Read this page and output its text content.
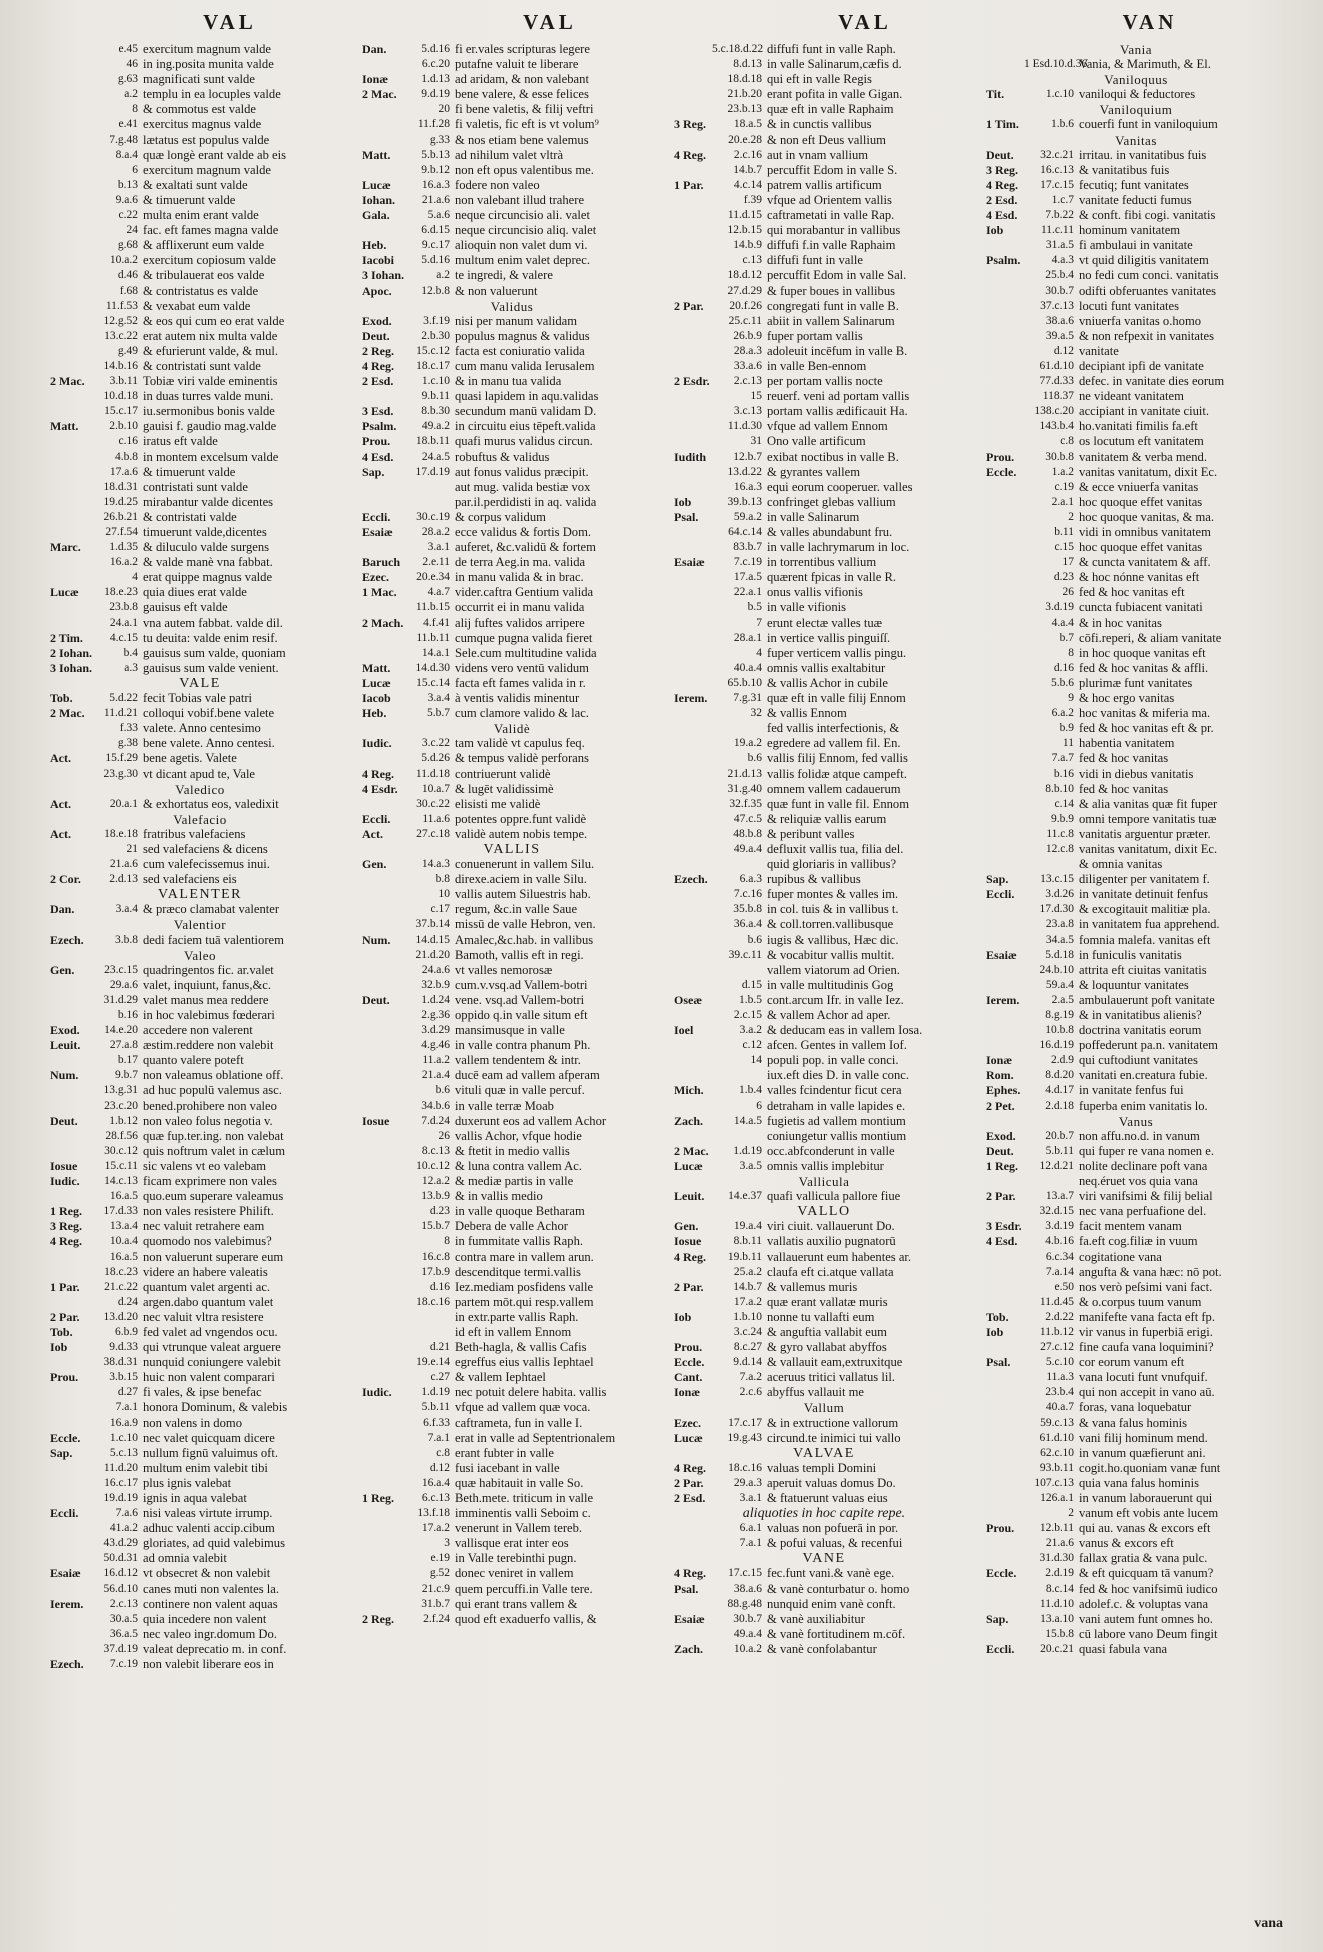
VAL	VAL	VAL	VAN
e.45 exercitum magnum valde
46 in ing.posita munita valde
g.63 magnificati sunt valde
a.2 templu in ea locuples valde
8 & commotus est valde
e.41 exercitus magnus valde
7.g.48 lætatus est populus valde
8.a.4 quæ longè erant valde ab eis
6 exercitum magnum valde
b.13 & exaltati sunt valde
9.a.6 & timuerunt valde
c.22 multa enim erant valde
24 fac. eft fames magna valde
g.68 & afflixerunt eum valde
10.a.2 exercitum copiosum valde
d.46 & tribulauerat eos valde
f.68 & contristatus es valde
11.f.53 & vexabat eum valde
12.g.52 & eos qui cum eo erat valde
13.c.22 erat autem nix multa valde
g.49 & efurierunt valde, & mul.
14.b.16 & contristati sunt valde
2 Mac.	3.b.11 Tobiæ viri valde eminentis
10.d.18 in duas turres valde muni.
15.c.17 iu.sermonibus bonis valde
Matt.	2.b.10 gauisi f. gaudio mag.valde
c.16 iratus eft valde
4.b.8 in montem excelsum valde
17.a.6 & timuerunt valde
18.d.31 contristati sunt valde
19.d.25 mirabantur valde dicentes
26.b.21 & contristati valde
27.f.54 timuerunt valde,dicentes
Marc.	1.d.35 & diluculo valde surgens
16.a.2 & valde manè vna fabbat.
4 erat quippe magnus valde
Lucæ	18.e.23 quia diues erat valde
23.b.8 gauisus eft valde
24.a.1 vna autem fabbat. valde dil.
2 Tim.	4.c.15 tu deuita: valde enim resif.
2 Iohan.	b.4 gauisus sum valde, quoniam
3 Iohan.	a.3 gauisus sum valde venient.
VALE
Tob.	5.d.22 fecit Tobias vale patri
2 Mac.	11.d.21 colloqui vobif.bene valete
f.33 valete. Anno centesimo
g.38 bene valete. Anno centesi.
Act.	15.f.29 bene agetis. Valete
23.g.30 vt dicant apud te, Vale
Valedico
Act.	20.a.1 & exhortatus eos, valedixit
Valefacio
Act.	18.e.18 fratribus valefaciens
21 sed valefaciens & dicens
21.a.6 cum valefecissemus inui.
2 Cor.	2.d.13 sed valefaciens eis
VALENTER
Dan.	3.a.4 & præco clamabat valenter
Valentior
Ezech.	3.b.8 dedi faciem tuā valentiorem
Valeo
Gen.	23.c.15 quadringentos fic. ar.valet
29.a.6 valet, inquiunt, fanus,&c.
31.d.29 valet manus mea reddere
b.16 in hoc valebimus fœderari
Exod.	14.e.20 accedere non valerent
Leuit.	27.a.8 æstim.reddere non valebit
b.17 quanto valere poteft
Num.	9.b.7 non valeamus oblatione off.
13.g.31 ad huc populū valemus asc.
23.c.20 bened.prohibere non valeo
Deut.	1.b.12 non valeo folus negotia v.
28.f.56 quæ fup.ter.ing. non valebat
30.c.12 quis noftrum valet in cælum
Iosue	15.c.11 sic valens vt eo valebam
Iudic.	14.c.13 ficam exprimere non vales
16.a.5 quo.eum superare valeamus
1 Reg.	17.d.33 non vales resistere Philift.
3 Reg.	13.a.4 nec valuit retrahere eam
4 Reg.	10.a.4 quomodo nos valebimus?
16.a.5 non valuerunt superare eum
18.c.23 videre an habere valeatis
1 Par.	21.c.22 quantum valet argenti ac.
d.24 argen.dabo quantum valet
2 Par.	13.d.20 nec valuit vltra resistere
Tob.	6.b.9 fed valet ad vngendos ocu.
Iob	9.d.33 qui vtrunque valeat arguere
38.d.31 nunquid coniungere valebit
Prou.	3.b.15 huic non valent comparari
d.27 fi vales, & ipse benefac
7.a.1 honora Dominum, & valebis
16.a.9 non valens in domo
Eccle.	1.c.10 nec valet quicquam dicere
Sap.	5.c.13 nullum fignū valuimus oft.
11.d.20 multum enim valebit tibi
16.c.17 plus ignis valebat
19.d.19 ignis in aqua valebat
Eccli.	7.a.6 nisi valeas virtute irrump.
41.a.2 adhuc valenti accip.cibum
43.d.29 gloriates, ad quid valebimus
50.d.31 ad omnia valebit
Esaiæ	16.d.12 vt obsecret & non valebit
56.d.10 canes muti non valentes la.
Ierem.	2.c.13 continere non valent aquas
30.a.5 quia incedere non valent
36.a.5 nec valeo ingr.domum Do.
37.d.19 valeat deprecatio m. in conf.
Ezech.	7.c.19 non valebit liberare eos in
Dan.	5.d.16 fi er.vales scripturas legere
6.c.20 putafne valuit te liberare
Ionæ	1.d.13 ad aridam, & non valebant
2 Mac.	9.d.19 bene valere, & esse felices
20 fi bene valetis, & filij veftri
11.f.28 fi valetis, fic eft is vt volum⁹
g.33 & nos etiam bene valemus
Matt.	5.b.13 ad nihilum valet vltrà
9.b.12 non eft opus valentibus me.
Lucæ	16.a.3 fodere non valeo
Iohan.	21.a.6 non valebant illud trahere
Gala.	5.a.6 neque circuncisio ali. valet
6.d.15 neque circuncisio aliq. valet
Heb.	9.c.17 alioquin non valet dum vi.
Iacobi	5.d.16 multum enim valet deprec.
3 Iohan.	a.2 te ingredi, & valere
Apoc.	12.b.8 & non valuerunt
Validus
Exod.	3.f.19 nisi per manum validam
Deut.	2.b.30 populus magnus & validus
2 Reg.	15.c.12 facta est coniuratio valida
4 Reg.	18.c.17 cum manu valida Ierusalem
2 Esd.	1.c.10 & in manu tua valida
9.b.11 quasi lapidem in aqu.validas
3 Esd.	8.b.30 secundum manū validam D.
Psalm.	49.a.2 in circuitu eius tēpeft.valida
Prou.	18.b.11 quafi murus validus circun.
4 Esd.	24.a.5 robuftus & validus
Sap.	17.d.19 aut fonus validus præcipit.
aut mug. valida bestiæ vox
par.il.perdidisti in aq. valida
Eccli.	30.c.19 & corpus validum
Esaiæ	28.a.2 ecce validus & fortis Dom.
3.a.1 auferet, &c.validū & fortem
Baruch	2.e.11 de terra Aeg.in ma. valida
Ezec.	20.e.34 in manu valida & in brac.
1 Mac.	4.a.7 vider.caftra Gentium valida
11.b.15 occurrit ei in manu valida
2 Mach.	4.f.41 alij fuftes validos arripere
11.b.11 cumque pugna valida fieret
14.a.1 Sele.cum multitudine valida
Matt.	14.d.30 videns vero ventū validum
Lucæ	15.c.14 facta eft fames valida in r.
Iacob	3.a.4 à ventis validis minentur
Heb.	5.b.7 cum clamore valido & lac.
Validè
Iudic.	3.c.22 tam validè vt capulus feq.
5.d.26 & tempus validè perforans
4 Reg.	11.d.18 contriuerunt validè
4 Esdr.	10.a.7 & lugēt validissimè
30.c.22 elisisti me validè
Eccli.	11.a.6 potentes oppre.funt validè
Act.	27.c.18 validè autem nobis tempe.
VALLIS
Gen.	14.a.3 conuenerunt in vallem Silu.
b.8 direxe.aciem in valle Silu.
10 vallis autem Siluestris hab.
c.17 regum, &c.in valle Saue
37.b.14 missū de valle Hebron, ven.
Num.	14.d.15 Amalec,&c.hab. in vallibus
21.d.20 Bamoth, vallis eft in regi.
24.a.6 vt valles nemorosæ
32.b.9 cum.v.vsq.ad Vallem-botri
Deut.	1.d.24 vene. vsq.ad Vallem-botri
2.g.36 oppido q.in valle situm eft
3.d.29 mansimusque in valle
4.g.46 in valle contra phanum Ph.
11.a.2 vallem tendentem & intr.
21.a.4 ducē eam ad vallem afperam
b.6 vituli quæ in valle percuf.
34.b.6 in valle terræ Moab
Iosue	7.d.24 duxerunt eos ad vallem Achor
26 vallis Achor, vfque hodie
8.c.13 & ftetit in medio vallis
10.c.12 & luna contra vallem Ac.
12.a.2 & mediæ partis in valle
13.b.9 & in vallis medio
d.23 in valle quoque Betharam
15.b.7 Debera de valle Achor
8 in fummitate vallis Raph.
16.c.8 contra mare in vallem arun.
17.b.9 descenditque termi.vallis
d.16 Iez.mediam posfidens valle
18.c.16 partem mōt.qui resp.vallem
in extr.parte vallis Raph.
id eft in vallem Ennom
d.21 Beth-hagla, & vallis Cafis
19.e.14 egreffus eius vallis Iephtael
c.27 & vallem Iephtael
Iudic.	1.d.19 nec potuit delere habita. vallis
5.b.11 vfque ad vallem quæ voca.
6.f.33 caftrameta, fun in valle I.
7.a.1 erat in valle ad Septentrionalem
c.8 erant fubter in valle
d.12 fusi iacebant in valle
16.a.4 quæ habitauit in valle So.
1 Reg.	6.c.13 Beth.mete. triticum in valle
13.f.18 imminentis valli Seboim c.
17.a.2 venerunt in Vallem tereb.
3 vallisque erat inter eos
e.19 in Valle terebinthi pugn.
g.52 donec veniret in vallem
21.c.9 quem percuffi.in Valle tere.
31.b.7 qui erant trans vallem &
2 Reg.	2.f.24 quod eft exaduerfo vallis, &
5.c.18.d.22 diffufi funt in valle Raph.
8.d.13 in valle Salinarum,cæfis d.
18.d.18 qui eft in valle Regis
21.b.20 erant pofita in valle Gigan.
23.b.13 quæ eft in valle Raphaim
3 Reg.	18.a.5 & in cunctis vallibus
20.e.28 & non eft Deus vallium
4 Reg.	2.c.16 aut in vnam vallium
14.b.7 percuffit Edom in valle S.
1 Par.	4.c.14 patrem vallis artificum
f.39 vfque ad Orientem vallis
11.d.15 caftrametati in valle Rap.
12.b.15 qui morabantur in vallibus
14.b.9 diffufi f.in valle Raphaim
c.13 diffufi funt in valle
18.d.12 percuffit Edom in valle Sal.
27.d.29 & fuper boues in vallibus
2 Par.	20.f.26 congregati funt in valle B.
25.c.11 abiit in vallem Salinarum
26.b.9 fuper portam vallis
28.a.3 adoleuit incēfum in valle B.
33.a.6 in valle Ben-ennom
2 Esdr.	2.c.13 per portam vallis nocte
15 reuerf. veni ad portam vallis
3.c.13 portam vallis ædificauit Ha.
11.d.30 vfque ad vallem Ennom
31 Ono valle artificum
Iudith	12.b.7 exibat noctibus in valle B.
13.d.22 & gyrantes vallem
16.a.3 equi eorum cooperuer. valles
Iob	39.b.13 confringet glebas vallium
Psal.	59.a.2 in valle Salinarum
64.c.14 & valles abundabunt fru.
83.b.7 in valle lachrymarum in loc.
Esaiæ	7.c.19 in torrentibus vallium
17.a.5 quærent fpicas in valle R.
22.a.1 onus vallis vifionis
b.5 in valle vifionis
7 erunt electæ valles tuæ
28.a.1 in vertice vallis pinguiſſ.
4 fuper verticem vallis pingu.
40.a.4 omnis vallis exaltabitur
65.b.10 & vallis Achor in cubile
Ierem.	7.g.31 quæ eft in valle filij Ennom
32 & vallis Ennom
fed vallis interfectionis, &
19.a.2 egredere ad vallem fil. En.
b.6 vallis filij Ennom, fed vallis
21.d.13 vallis folidæ atque campeft.
31.g.40 omnem vallem cadauerum
32.f.35 quæ funt in valle fil. Ennom
47.c.5 & reliquiæ vallis earum
48.b.8 & peribunt valles
49.a.4 defluxit vallis tua, filia del.
quid gloriaris in vallibus?
Ezech.	6.a.3 rupibus & vallibus
7.c.16 fuper montes & valles im.
35.b.8 in col. tuis & in vallibus t.
36.a.4 & coll.torren.vallibusque
b.6 iugis & vallibus, Hæc dic.
39.c.11 & vocabitur vallis multit.
vallem viatorum ad Orien.
d.15 in valle multitudinis Gog
Oseæ	1.b.5 cont.arcum Ifr. in valle Iez.
2.c.15 & vallem Achor ad aper.
Ioel	3.a.2 & deducam eas in vallem Iosa.
c.12 afcen. Gentes in vallem Iof.
14 populi pop. in valle conci.
iux.eft dies D. in valle conc.
Mich.	1.b.4 valles fcindentur ficut cera
6 detraham in valle lapides e.
Zach.	14.a.5 fugietis ad vallem montium
coniungetur vallis montium
2 Mac.	1.d.19 occ.abfconderunt in valle
Lucæ	3.a.5 omnis vallis implebitur
Vallicula
Leuit.	14.e.37 quafi vallicula pallore fiue
VALLO
Gen.	19.a.4 viri ciuit. vallauerunt Do.
Iosue	8.b.11 vallatis auxilio pugnatorū
4 Reg.	19.b.11 vallauerunt eum habentes ar.
25.a.2 claufa eft ci.atque vallata
2 Par.	14.b.7 & vallemus muris
17.a.2 quæ erant vallatæ muris
Iob	1.b.10 nonne tu vallafti eum
3.c.24 & anguftia vallabit eum
Prou.	8.c.27 & gyro vallabat abyffos
Eccle.	9.d.14 & vallauit eam,extruxitque
Cant.	7.a.2 aceruus tritici vallatus lil.
Ionæ	2.c.6 abyffus vallauit me
Vallum
Ezec.	17.c.17 & in extructione vallorum
Lucæ	19.g.43 circund.te inimici tui vallo
VALVAE
4 Reg.	18.c.16 valuas templi Domini
2 Par.	29.a.3 aperuit valuas domus Do.
2 Esd.	3.a.1 & ftatuerunt valuas eius
aliquoties in hoc capite repe.
6.a.1 valuas non pofuerā in por.
7.a.1 & pofui valuas, & recenfui
VANE
4 Reg.	17.c.15 fec.funt vani.& vanè ege.
Psal.	38.a.6 & vanè conturbatur o. homo
88.g.48 nunquid enim vanè conft.
Esaiæ	30.b.7 & vanè auxiliabitur
49.a.4 & vanè fortitudinem m.cōf.
Zach.	10.a.2 & vanè confolabantur
Vania
1 Esd.10.d.36
Vania, & Marimuth, & El.
Vaniloquus
Tit.	1.c.10 vaniloqui & feductores
Vaniloquium
1 Tim.	1.b.6 couerfi funt in vaniloquium
Vanitas
Deut.	32.c.21 irritau. in vanitatibus fuis
3 Reg.	16.c.13 & vanitatibus fuis
4 Reg.	17.c.15 fecutiq; funt vanitates
2 Esd.	1.c.7 vanitate feducti fumus
4 Esd.	7.b.22 & conft. fibi cogi. vanitatis
Iob	11.c.11 hominum vanitatem
31.a.5 fi ambulaui in vanitate
Psalm.	4.a.3 vt quid diligitis vanitatem
25.b.4 no fedi cum conci. vanitatis
30.b.7 odifti obferuantes vanitates
37.c.13 locuti funt vanitates
38.a.6 vniuerfa vanitas o.homo
39.a.5 & non refpexit in vanitates
d.12 vanitate
61.d.10 decipiant ipfi de vanitate
77.d.33 defec. in vanitate dies eorum
118.37 ne videant vanitatem
138.c.20 accipiant in vanitate ciuit.
143.b.4 ho.vanitati fimilis fa.eft
c.8 os locutum eft vanitatem
Prou.	30.b.8 vanitatem & verba mend.
Eccle.	1.a.2 vanitas vanitatum, dixit Ec.
c.19 & ecce vniuerfa vanitas
2.a.1 hoc quoque effet vanitas
2 hoc quoque vanitas, & ma.
b.11 vidi in omnibus vanitatem
c.15 hoc quoque effet vanitas
17 & cuncta vanitatem & aff.
d.23 & hoc nónne vanitas eft
26 fed & hoc vanitas eft
3.d.19 cuncta fubiacent vanitati
4.a.4 & in hoc vanitas
b.7 cōfi.reperi, & aliam vanitate
8 in hoc quoque vanitas eft
d.16 fed & hoc vanitas & affli.
5.b.6 plurimæ funt vanitates
9 & hoc ergo vanitas
6.a.2 hoc vanitas & miferia ma.
b.9 fed & hoc vanitas eft & pr.
11 habentia vanitatem
7.a.7 fed & hoc vanitas
b.16 vidi in diebus vanitatis
8.b.10 fed & hoc vanitas
c.14 & alia vanitas quæ fit fuper
9.b.9 omni tempore vanitatis tuæ
11.c.8 vanitatis arguentur præter.
12.c.8 vanitas vanitatum, dixit Ec.
& omnia vanitas
Sap.	13.c.15 diligenter per vanitatem f.
Eccli.	3.d.26 in vanitate detinuit fenfus
17.d.30 & excogitauit malitiæ pla.
23.a.8 in vanitatem fua apprehend.
34.a.5 fomnia malefa. vanitas eft
Esaiæ	5.d.18 in funiculis vanitatis
24.b.10 attrita eft ciuitas vanitatis
59.a.4 & loquuntur vanitates
Ierem.	2.a.5 ambulauerunt poft vanitate
8.g.19 & in vanitatibus alienis?
10.b.8 doctrina vanitatis eorum
16.d.19 poffederunt pa.n. vanitatem
Ionæ	2.d.9 qui cuftodiunt vanitates
Rom.	8.d.20 vanitati en.creatura fubie.
Ephes.	4.d.17 in vanitate fenfus fui
2 Pet.	2.d.18 fuperba enim vanitatis lo.
Vanus
Exod.	20.b.7 non affu.no.d. in vanum
Deut.	5.b.11 qui fuper re vana nomen e.
1 Reg.	12.d.21 nolite declinare poft vana
neq.éruet vos quia vana
2 Par.	13.a.7 viri vanifsimi & filij belial
32.d.15 nec vana perfuafione del.
3 Esdr.	3.d.19 facit mentem vanam
4 Esd.	4.b.16 fa.eft cog.filiæ in vuum
6.c.34 cogitatione vana
7.a.14 angufta & vana hæc: nō pot.
e.50 nos verò peſsimi vani fact.
11.d.45 & o.corpus tuum vanum
Tob.	2.d.22 manifefte vana facta eft fp.
Iob	11.b.12 vir vanus in fuperbiā erigi.
27.c.12 fine caufa vana loquimini?
Psal.	5.c.10 cor eorum vanum eft
11.a.3 vana locuti funt vnufquif.
23.b.4 qui non accepit in vano aū.
40.a.7 foras, vana loquebatur
59.c.13 & vana falus hominis
61.d.10 vani filij hominum mend.
62.c.10 in vanum quæfierunt ani.
93.b.11 cogit.ho.quoniam vanæ funt
107.c.13 quia vana falus hominis
126.a.1 in vanum laborauerunt qui
2 vanum eft vobis ante lucem
Prou.	12.b.11 qui au. vanas & excors eft
21.a.6 vanus & excors eft
31.d.30 fallax gratia & vana pulc.
Eccle.	2.d.19 & eft quicquam tā vanum?
8.c.14 fed & hoc vanifsimū iudico
11.d.10 adolef.c. & voluptas vana
Sap.	13.a.10 vani autem funt omnes ho.
15.b.8 cū labore vano Deum fingit
Eccli.	20.c.21 quasi fabula vana
vana
